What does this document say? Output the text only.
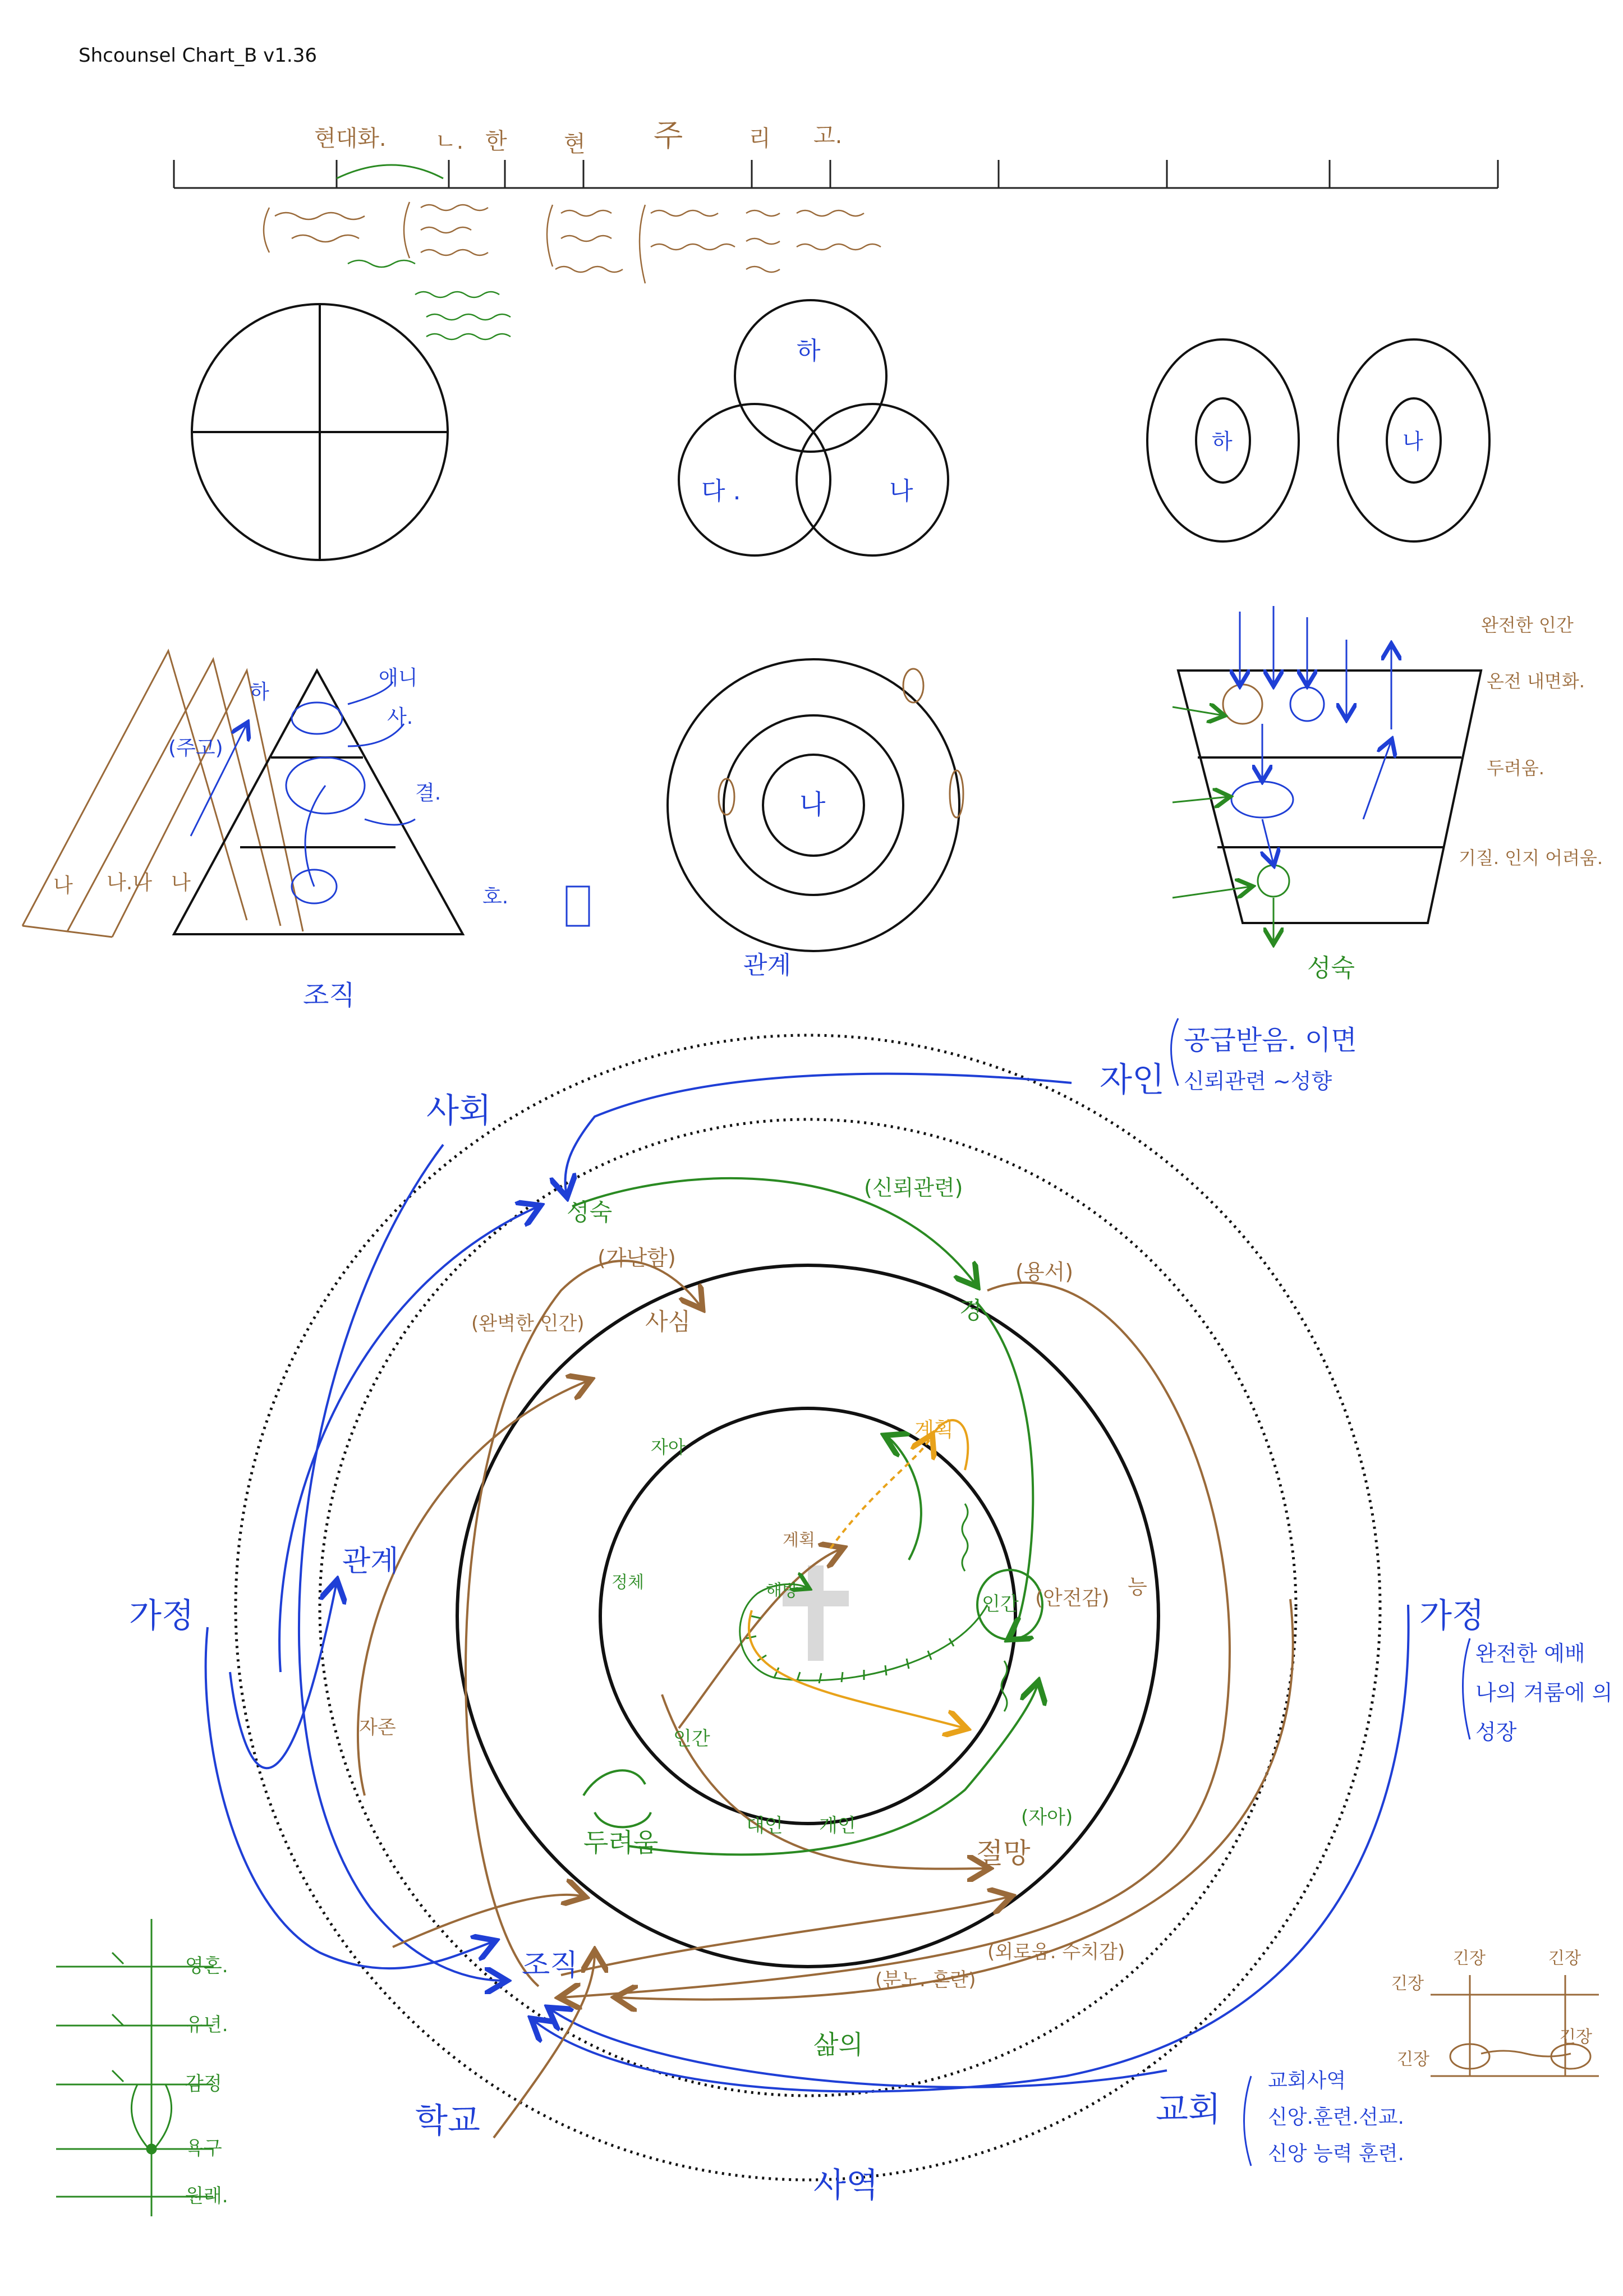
Shcounsel Chart_B v1.36
현대화. ㄴ. 한	현 주	리 고.
하
다 .	나
하	나
하
애니
사.
결.
호.
(주고)
나 나.나 나
조직
나
관계
완전한 인간
온전 내면화.
두려움.
기질. 인지 어려움.
성숙
사회
가정
학교
사역
교회
가정
자인
공급받음. 이면
신뢰관련 ~성향
완전한 예배
나의 겨룸에 의
성장
교회사역
신앙.훈련.선교.
신앙 능력 훈련.
성숙
관계
조직
사심	경
절망
두려움
삶의
인간
인간
능
자아
계획
정체	해방
(가난함)
(완벽한 인간)
(신뢰관련)
(용서)
(안전감)
(분노. 혼란)
(외로움. 수치감)
대인 개인	(자아)
자존
계획
영혼.
유년.
감정
욕구
원래.
긴장
긴장	긴장
긴장
긴장
